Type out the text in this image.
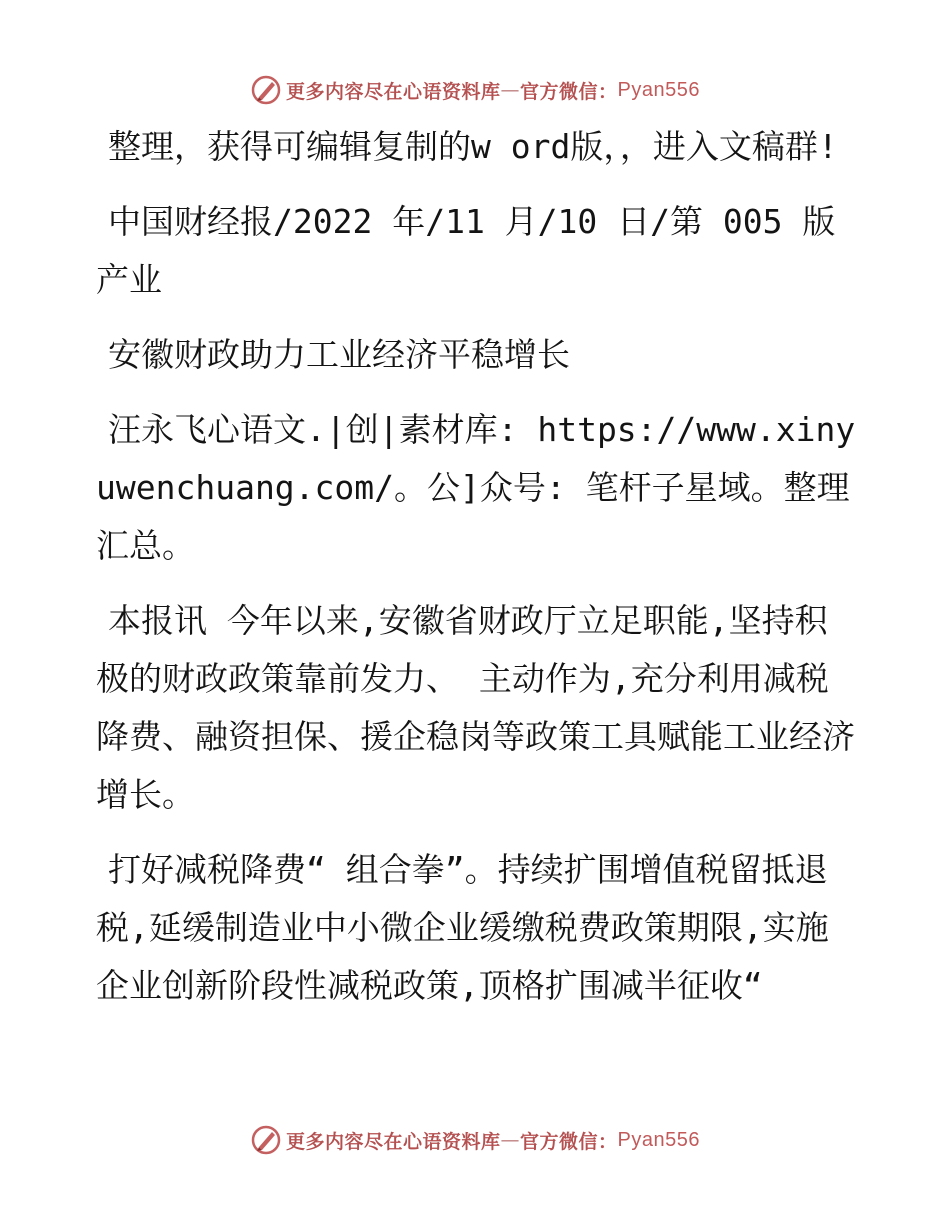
更多内容尽在心语资料库 — 官方微信： Pyan556

整理，获得可编辑复制的w ord版，，进入文稿群!

中国财经报/2022 年/11 月/10 日/第 005 版产业

安徽财政助力工业经济平稳增长

汪永飞心语文.|创|素材库: https://www.xinyuwenchuang.com/。公]众号: 笔杆子星域。整理汇总。

本报讯 今年以来,安徽省财政厅立足职能,坚持积极的财政政策靠前发力、 主动作为,充分利用减税降费、融资担保、援企稳岗等政策工具赋能工业经济增长。

打好减税降费“ 组合拳”。持续扩围增值税留抵退税,延缓制造业中小微企业缓缴税费政策期限,实施企业创新阶段性减税政策,顶格扩围减半征收“

更多内容尽在心语资料库 — 官方微信： Pyan556
